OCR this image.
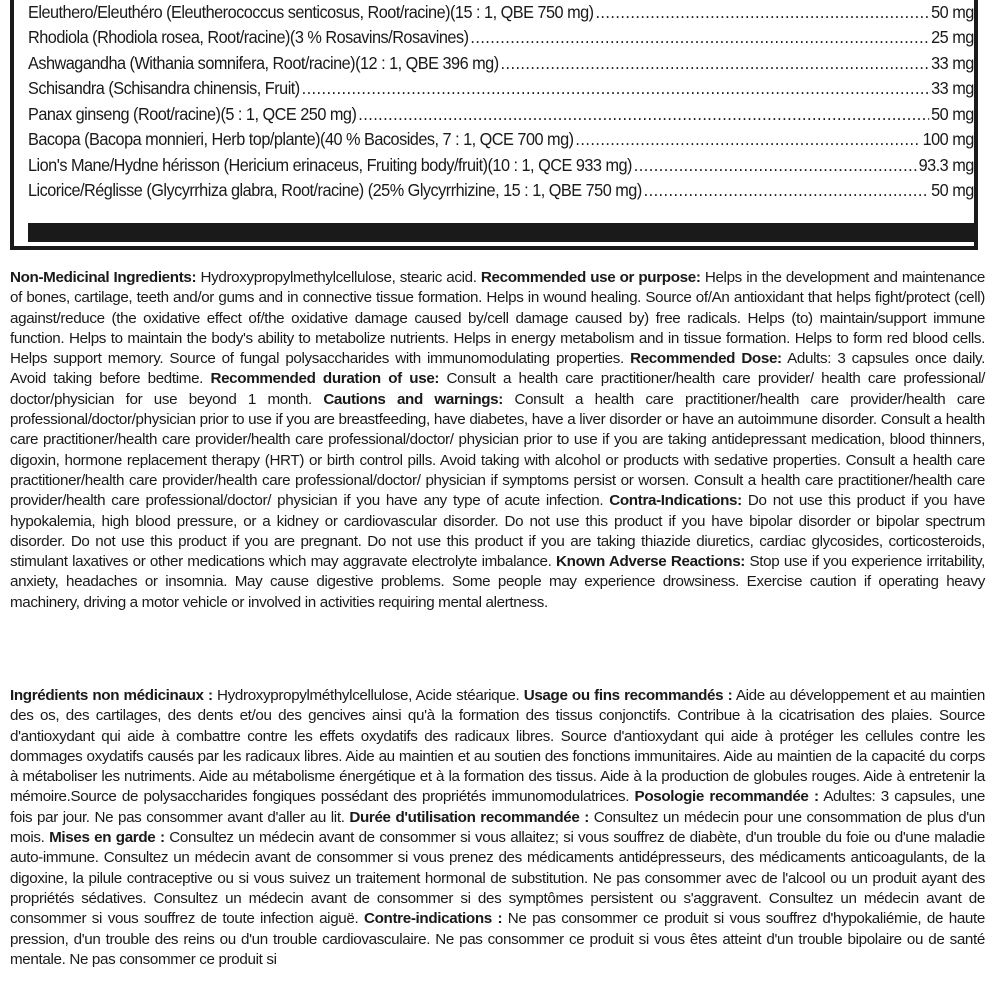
Eleuthero/Eleuthéro (Eleutherococcus senticosus, Root/racine)(15 : 1, QBE 750 mg) .....	50 mg
Rhodiola (Rhodiola rosea, Root/racine)(3 % Rosavins/Rosavines) .....	25 mg
Ashwagandha (Withania somnifera, Root/racine)(12 : 1, QBE 396 mg) .....	33 mg
Schisandra (Schisandra chinensis, Fruit) .....	33 mg
Panax ginseng (Root/racine)(5 : 1, QCE 250 mg) .....	50 mg
Bacopa (Bacopa monnieri, Herb top/plante)(40 % Bacosides, 7 : 1, QCE 700 mg) .....	100 mg
Lion's Mane/Hydne hérisson (Hericium erinaceus, Fruiting body/fruit)(10 : 1, QCE 933 mg) .....	93.3 mg
Licorice/Réglisse (Glycyrrhiza glabra, Root/racine) (25% Glycyrrhizine, 15 : 1, QBE 750 mg) .....	50 mg
Non-Medicinal Ingredients: Hydroxypropylmethylcellulose, stearic acid. Recommended use or purpose: Helps in the development and maintenance of bones, cartilage, teeth and/or gums and in connective tissue formation. Helps in wound healing. Source of/An antioxidant that helps fight/protect (cell) against/reduce (the oxidative effect of/the oxidative damage caused by/cell damage caused by) free radicals. Helps (to) maintain/support immune function. Helps to maintain the body's ability to metabolize nutrients. Helps in energy metabolism and in tissue formation. Helps to form red blood cells. Helps support memory. Source of fungal polysaccharides with immunomodulating properties. Recommended Dose: Adults: 3 capsules once daily. Avoid taking before bedtime. Recommended duration of use: Consult a health care practitioner/health care provider/ health care professional/ doctor/physician for use beyond 1 month. Cautions and warnings: Consult a health care practitioner/health care provider/health care professional/doctor/physician prior to use if you are breastfeeding, have diabetes, have a liver disorder or have an autoimmune disorder. Consult a health care practitioner/health care provider/health care professional/doctor/ physician prior to use if you are taking antidepressant medication, blood thinners, digoxin, hormone replacement therapy (HRT) or birth control pills. Avoid taking with alcohol or products with sedative properties. Consult a health care practitioner/health care provider/health care professional/doctor/ physician if symptoms persist or worsen. Consult a health care practitioner/health care provider/health care professional/doctor/ physician if you have any type of acute infection. Contra-Indications: Do not use this product if you have hypokalemia, high blood pressure, or a kidney or cardiovascular disorder. Do not use this product if you have bipolar disorder or bipolar spectrum disorder. Do not use this product if you are pregnant. Do not use this product if you are taking thiazide diuretics, cardiac glycosides, corticosteroids, stimulant laxatives or other medications which may aggravate electrolyte imbalance. Known Adverse Reactions: Stop use if you experience irritability, anxiety, headaches or insomnia. May cause digestive problems. Some people may experience drowsiness. Exercise caution if operating heavy machinery, driving a motor vehicle or involved in activities requiring mental alertness.
Ingrédients non médicinaux : Hydroxypropylméthylcellulose, Acide stéarique. Usage ou fins recommandés : Aide au développement et au maintien des os, des cartilages, des dents et/ou des gencives ainsi qu'à la formation des tissus conjonctifs. Contribue à la cicatrisation des plaies. Source d'antioxydant qui aide à combattre contre les effets oxydatifs des radicaux libres. Source d'antioxydant qui aide à protéger les cellules contre les dommages oxydatifs causés par les radicaux libres. Aide au maintien et au soutien des fonctions immunitaires. Aide au maintien de la capacité du corps à métaboliser les nutriments. Aide au métabolisme énergétique et à la formation des tissus. Aide à la production de globules rouges. Aide à entretenir la mémoire.Source de polysaccharides fongiques possédant des propriétés immunomodulatrices. Posologie recommandée : Adultes: 3 capsules, une fois par jour. Ne pas consommer avant d'aller au lit. Durée d'utilisation recommandée : Consultez un médecin pour une consommation de plus d'un mois. Mises en garde : Consultez un médecin avant de consommer si vous allaitez; si vous souffrez de diabète, d'un trouble du foie ou d'une maladie auto-immune. Consultez un médecin avant de consommer si vous prenez des médicaments antidépresseurs, des médicaments anticoagulants, de la digoxine, la pilule contraceptive ou si vous suivez un traitement hormonal de substitution. Ne pas consommer avec de l'alcool ou un produit ayant des propriétés sédatives. Consultez un médecin avant de consommer si des symptômes persistent ou s'aggravent. Consultez un médecin avant de consommer si vous souffrez de toute infection aiguë. Contre-indications : Ne pas consommer ce produit si vous souffrez d'hypokaliémie, de haute pression, d'un trouble des reins ou d'un trouble cardiovasculaire. Ne pas consommer ce produit si vous êtes atteint d'un trouble bipolaire ou de santé mentale. Ne pas consommer ce produit si
